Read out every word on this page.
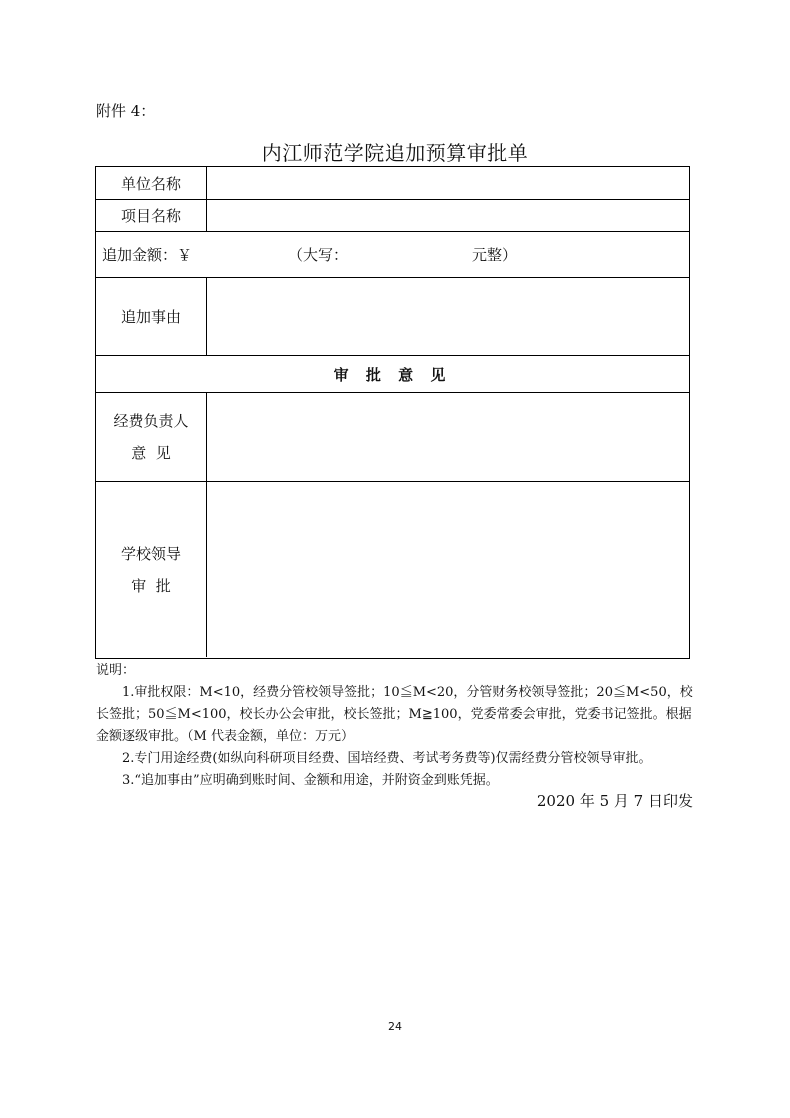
附件 4：
内江师范学院追加预算审批单
单位名称
项目名称
追加金额：￥	（大写：	元整）
追加事由
审 批 意 见
经费负责人
意  见
学校领导
审  批

说明：

1.审批权限：M<10，经费分管校领导签批；10≦M<20，分管财务校领导签批；20≦M<50，校长签批；50≦M<100，校长办公会审批，校长签批；M≧100，党委常委会审批，党委书记签批。根据金额逐级审批。（M 代表金额，单位：万元）

2.专门用途经费(如纵向科研项目经费、国培经费、考试考务费等)仅需经费分管校领导审批。

3.“追加事由”应明确到账时间、金额和用途，并附资金到账凭据。

2020 年 5 月 7 日印发
24
